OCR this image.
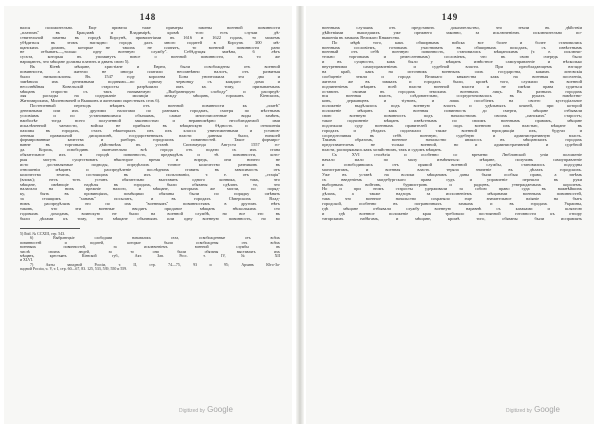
148
вался положительно. Еще привела таже примеры замены военной повинности
„платомъ" въ Брацлавѣ и Владимірѣ, кромѣ того есть случаи дѣ-
ствительной замены въ городѣ Корсунѣ, привилегіями въ 1616 и 1622 годахъ, то можемъ
убѣдиться въ этомъ наглядно: городъ далъ много податей в Корсупъ 300 мѣ-
щанскихъ домовъ, которые не такихъ не платятъ, то военной повинности рано
не отбывать—„только одну военную службу". Себѣдущая замѣна, 6 лѣтъ
сусъта, которыя въ упомянутъ вовсе о военной повинности, въ то же
нарицаютъ, что мѣщане должны платить и давать свою 5).
Въ Кіевѣ мѣщане, христіане и Евреи, были освобождены отъ военной
повинности, а жители не иногда платили несомнѣнно налогъ, отъ развитыя
были низкопоклоны. Въ 1547 году королева Бона уничтожила эта два и
замѣнила ихъ денежными податями—по одному червонцу съ каждаго дома и
несолнѣйная Ковельскій старосты разрѣшили имъ къ тому, призываемыхъ
мѣщанъ старости съ такъ называемую „Выбранецкую слободу" и распредѣ-
ляя расходы на содержаніе милиціи между мѣщанъ, горожанъ Кіевскихъ,
Житомирскихъ, Миленовичей и Вышковъ и жителями окрестныхъ селъ 6).
Постепенный переходъ мѣщанъ отъ военной повинности къ „платѣ"
денежными или ихъ другими налогами по разнымъ городамъ, смотря по мѣстнымъ
условіямъ и по установившимся обычаямъ, самые многочисленные виды замѣнъ,
наиболѣе тогда всего полученной законностью и неравномѣрно несоблюдаемой ими
искалѣченной чаемости, войска не прибыли въ мѣщанскую бѣдность и отношенія
пахомы въ городахъ, сталъ нѣкоторыхъ изъ ихъ класса уничтоженными и установ-
ленныя правильной дисциплинѣ, государственныхъ власти данныя были, низкоей
формированные качества и разборъ городскихъ повинностей. Такое формиро-
ванне въ торговыхъ дѣйствиѣхъ въ устанѣ Сигизмунда Августа 1557 го-
да. Король, освободивъ окончательно всѣ города отъ подати съ ихъ стана
обязательное ихъ в городѣ повинность, предвидѣлъ и тѣ повинности, кото-
рыя могутъ существовать нѣкоторое время и впредь, они ничего не
исто доставляемые подводы, опредѣлилъ точное количество ратниковъ въ
отношеніи мѣщанъ и распредѣленіе послѣднихъ ставить въ зависимость отъ
количества земель, состоящихъ въ ихъ пользованіи, т. е. отъ „стація"
(влокъ); несъ тотъ устанъ обязательно выставить одного конника, такъ, что
мѣщане, имѣющіе надѣлы въ городахъ, были обязаны сдѣлать то, что
налагали на нихъ прежніе налоги, и мѣщане, которыхъ же могли, по поряд-
ку, быть въ провинціяхъ, помѣщики обязаны были по порядку смѣнять
за стоящимъ "ханамъ" посылать, и въ городахъ Сѣверскихъ Влад-
нимъ распредѣлялъ это по ихъ "военнымъ" повинностямъ в другомъ нѣтъ
таковъ, что эти военные вводятъ приданое мѣщанъ нѣсколькихъ сто
годовымъ доходамъ, воинскую не были на военной службѣ, но все это въ
были дѣлами къ тому, что мѣщане обычнымъ или одну военную повинность, но во
5) Ibid. № СCXIII, стр. 543.
6) Выбранецкіе слободами назывались села, освобожденные отъ всѣхъ
повинностей и податей, которые были освобождены отъ всѣхъ
военныхъ повинностей, за исключеніемъ военной службы въ
числѣ своихъ людей, за то они были обязаны выставлять ихъ
мѣщанъ, крестьянъ Кіевской губ., Акт. Зап. Росс. т. IV, № XII
и XLVI.
7) Акты западной Россіи, т. II, стр. 74—75, 93 и 95; Архивъ Юго-За-
падной Россіи, ч. V, т. I, стр. 60—67, 83. 125, 533, 539, 550 и 559.
Digitized by Google
149
военныхъ случаяхъ отъ представить доказательство, что земли въ дѣйствіи
дѣйствіями вышедшихъ уже прежнего законно, за исключеніемъ исключительно по-
вышенія въ замкахъ Великаго Княжества.
По мѣрѣ того, какъ обширнымъ войска все более и более становились
военныхъ сословіемъ, готовымъ участвовать въ обширныхъ походахъ, съ извѣстнымъ
военный отъ себѣ военную повинность, становились мѣщанскимъ (т. е. исключи-
тельно торговымъ и ремесленнымъ) сословіемъ, что въ свою очередь было
и въ сущности, какъ было у мѣщанъ извѣстное самоуправленіе и нѣсколько
внутренними самоуправленіемъ и судебной власти. При преобладающемъ взгляде
на край, какъ на источникъ военныхъ силъ государства, какимъ литовскія
сообщеніе земли и города Великаго княжества какъ на военныя поселенія,
жители же въ замкахъ и городахъ были, кромѣ того, служили въ военной
подчиненіемъ мѣщанъ всей власти военной власти и не имѣли права судиться
оставить своими въ городахъ земскихъ военныхъ лицъ. Въ разныхъ городахъ
вся военная власть, слѣдовательно, сосредоточивалась въ рукахъ намѣстни-
ковъ, державцевъ и тіуновъ, и лишь пособіемъ на своего кустодіальное
положеніе выдѣлялось подъ военную власть и удѣльныхъ князей, при которой
положеніе мѣщанъ какъ военная повинность до смерти, мѣщане отбывали
свою военную повинность подъ начальствомъ своихъ „панскихъ" старостъ;
такое подчиненіе мѣщанъ извѣстнымъ по своимъ военнымъ правамъ, мѣщане
подлежали суду военныхъ правителей и подъ военною ихъ властью, мѣщане въ
городахъ и уѣздахъ подлежали также военной юрисдикціи ихъ, будучи и
сосредоточивая въ себѣ военную, судебную и административную власть.
Такимъ образомъ, военное начальство являлось въ мѣщанскихъ городахъ
представителемъ не только военной, но и административной и судебной
власти, распоряжаясь какъ хозяйствомъ, такъ и судомъ мѣщанъ.
Съ XVI столѣтія и особенно со времени Люблинской уніи положеніе
начало мало по малу измѣняться: мѣщане, получивъ самоуправленіе
и освободившись отъ прямой военной службы, становились подсудны
магистратамъ, и военная власть теряла значеніе въ дѣлахъ городскихъ.
Уже въ уставѣ на волоки мѣщанамъ даны были особыя права, а затѣмъ
съ введеніемъ магдебургскаго права судъ и управленіе перешли въ руки
выборныхъ войтовъ, бурмистровъ и радцевъ, утверждаемыхъ королемъ.
Но и при этомъ старосты удерживали за собою право суда въ важнѣйшихъ
дѣлахъ, а также надзоръ за исполненіемъ мѣщанами военныхъ повинностей,
такъ что военное начальство сохраняло еще значительное вліяніе на бытъ
городской, особенно въ пограничныхъ замкахъ и въ городахъ Украины,
гдѣ мѣщане отбывали службу военную наравнѣ съ казаками и шляхтою
и гдѣ военное положеніе края требовало постоянной готовности къ отпору
татарскимъ набѣгамъ, и мѣщане, кромѣ того, обязаны были исправлять
Digitized by Google
